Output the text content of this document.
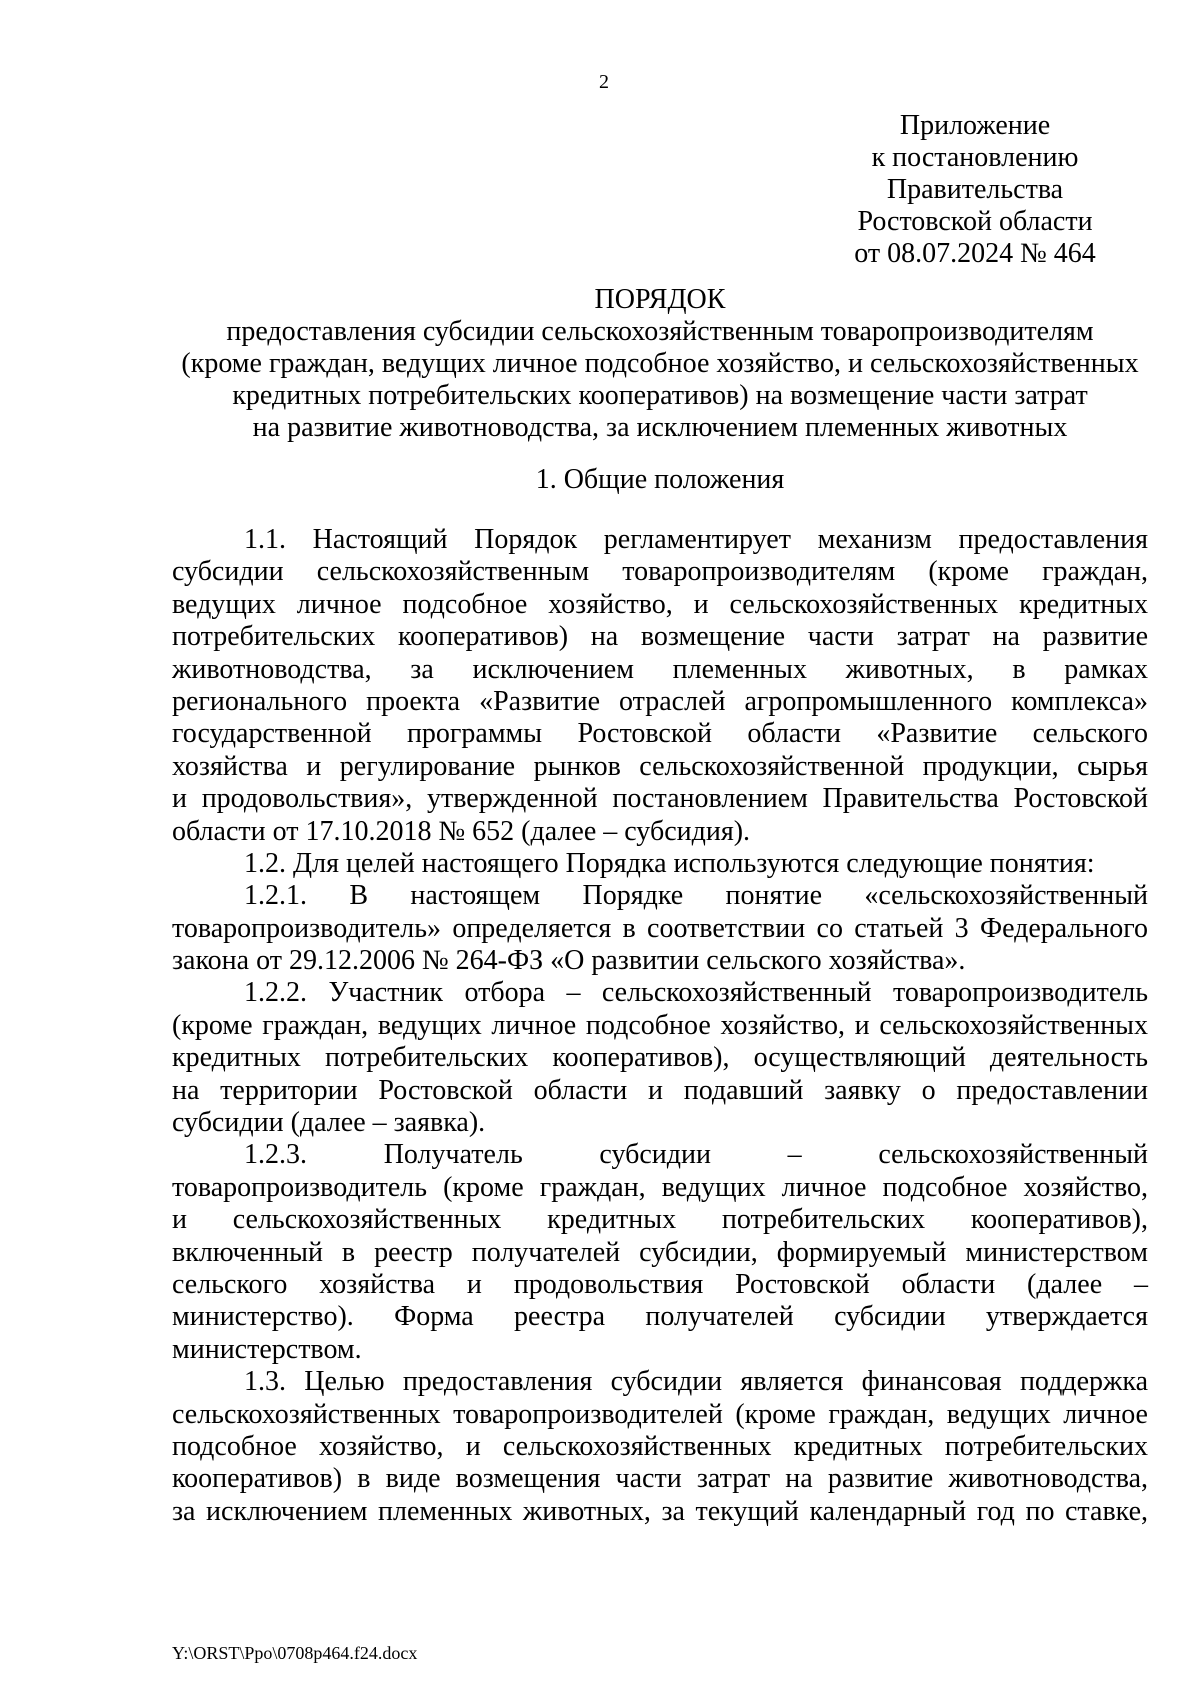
2
Приложение
к постановлению
Правительства
Ростовской области
от 08.07.2024 № 464
ПОРЯДОК
предоставления субсидии сельскохозяйственным товаропроизводителям
(кроме граждан, ведущих личное подсобное хозяйство, и сельскохозяйственных
кредитных потребительских кооперативов) на возмещение части затрат
на развитие животноводства, за исключением племенных животных
1. Общие положения
1.1. Настоящий Порядок регламентирует механизм предоставления
субсидии сельскохозяйственным товаропроизводителям (кроме граждан,
ведущих личное подсобное хозяйство, и сельскохозяйственных кредитных
потребительских кооперативов) на возмещение части затрат на развитие
животноводства, за исключением племенных животных, в рамках
регионального проекта «Развитие отраслей агропромышленного комплекса»
государственной программы Ростовской области «Развитие сельского
хозяйства и регулирование рынков сельскохозяйственной продукции, сырья
и продовольствия», утвержденной постановлением Правительства Ростовской
области от 17.10.2018 № 652 (далее – субсидия).
1.2. Для целей настоящего Порядка используются следующие понятия:
1.2.1. В настоящем Порядке понятие «сельскохозяйственный
товаропроизводитель» определяется в соответствии со статьей 3 Федерального
закона от 29.12.2006 № 264-ФЗ «О развитии сельского хозяйства».
1.2.2. Участник отбора – сельскохозяйственный товаропроизводитель
(кроме граждан, ведущих личное подсобное хозяйство, и сельскохозяйственных
кредитных потребительских кооперативов), осуществляющий деятельность
на территории Ростовской области и подавший заявку о предоставлении
субсидии (далее – заявка).
1.2.3. Получатель субсидии – сельскохозяйственный
товаропроизводитель (кроме граждан, ведущих личное подсобное хозяйство,
и сельскохозяйственных кредитных потребительских кооперативов),
включенный в реестр получателей субсидии, формируемый министерством
сельского хозяйства и продовольствия Ростовской области (далее –
министерство). Форма реестра получателей субсидии утверждается
министерством.
1.3. Целью предоставления субсидии является финансовая поддержка
сельскохозяйственных товаропроизводителей (кроме граждан, ведущих личное
подсобное хозяйство, и сельскохозяйственных кредитных потребительских
кооперативов) в виде возмещения части затрат на развитие животноводства,
за исключением племенных животных, за текущий календарный год по ставке,
Y:\ORST\Ppo\0708p464.f24.docx
